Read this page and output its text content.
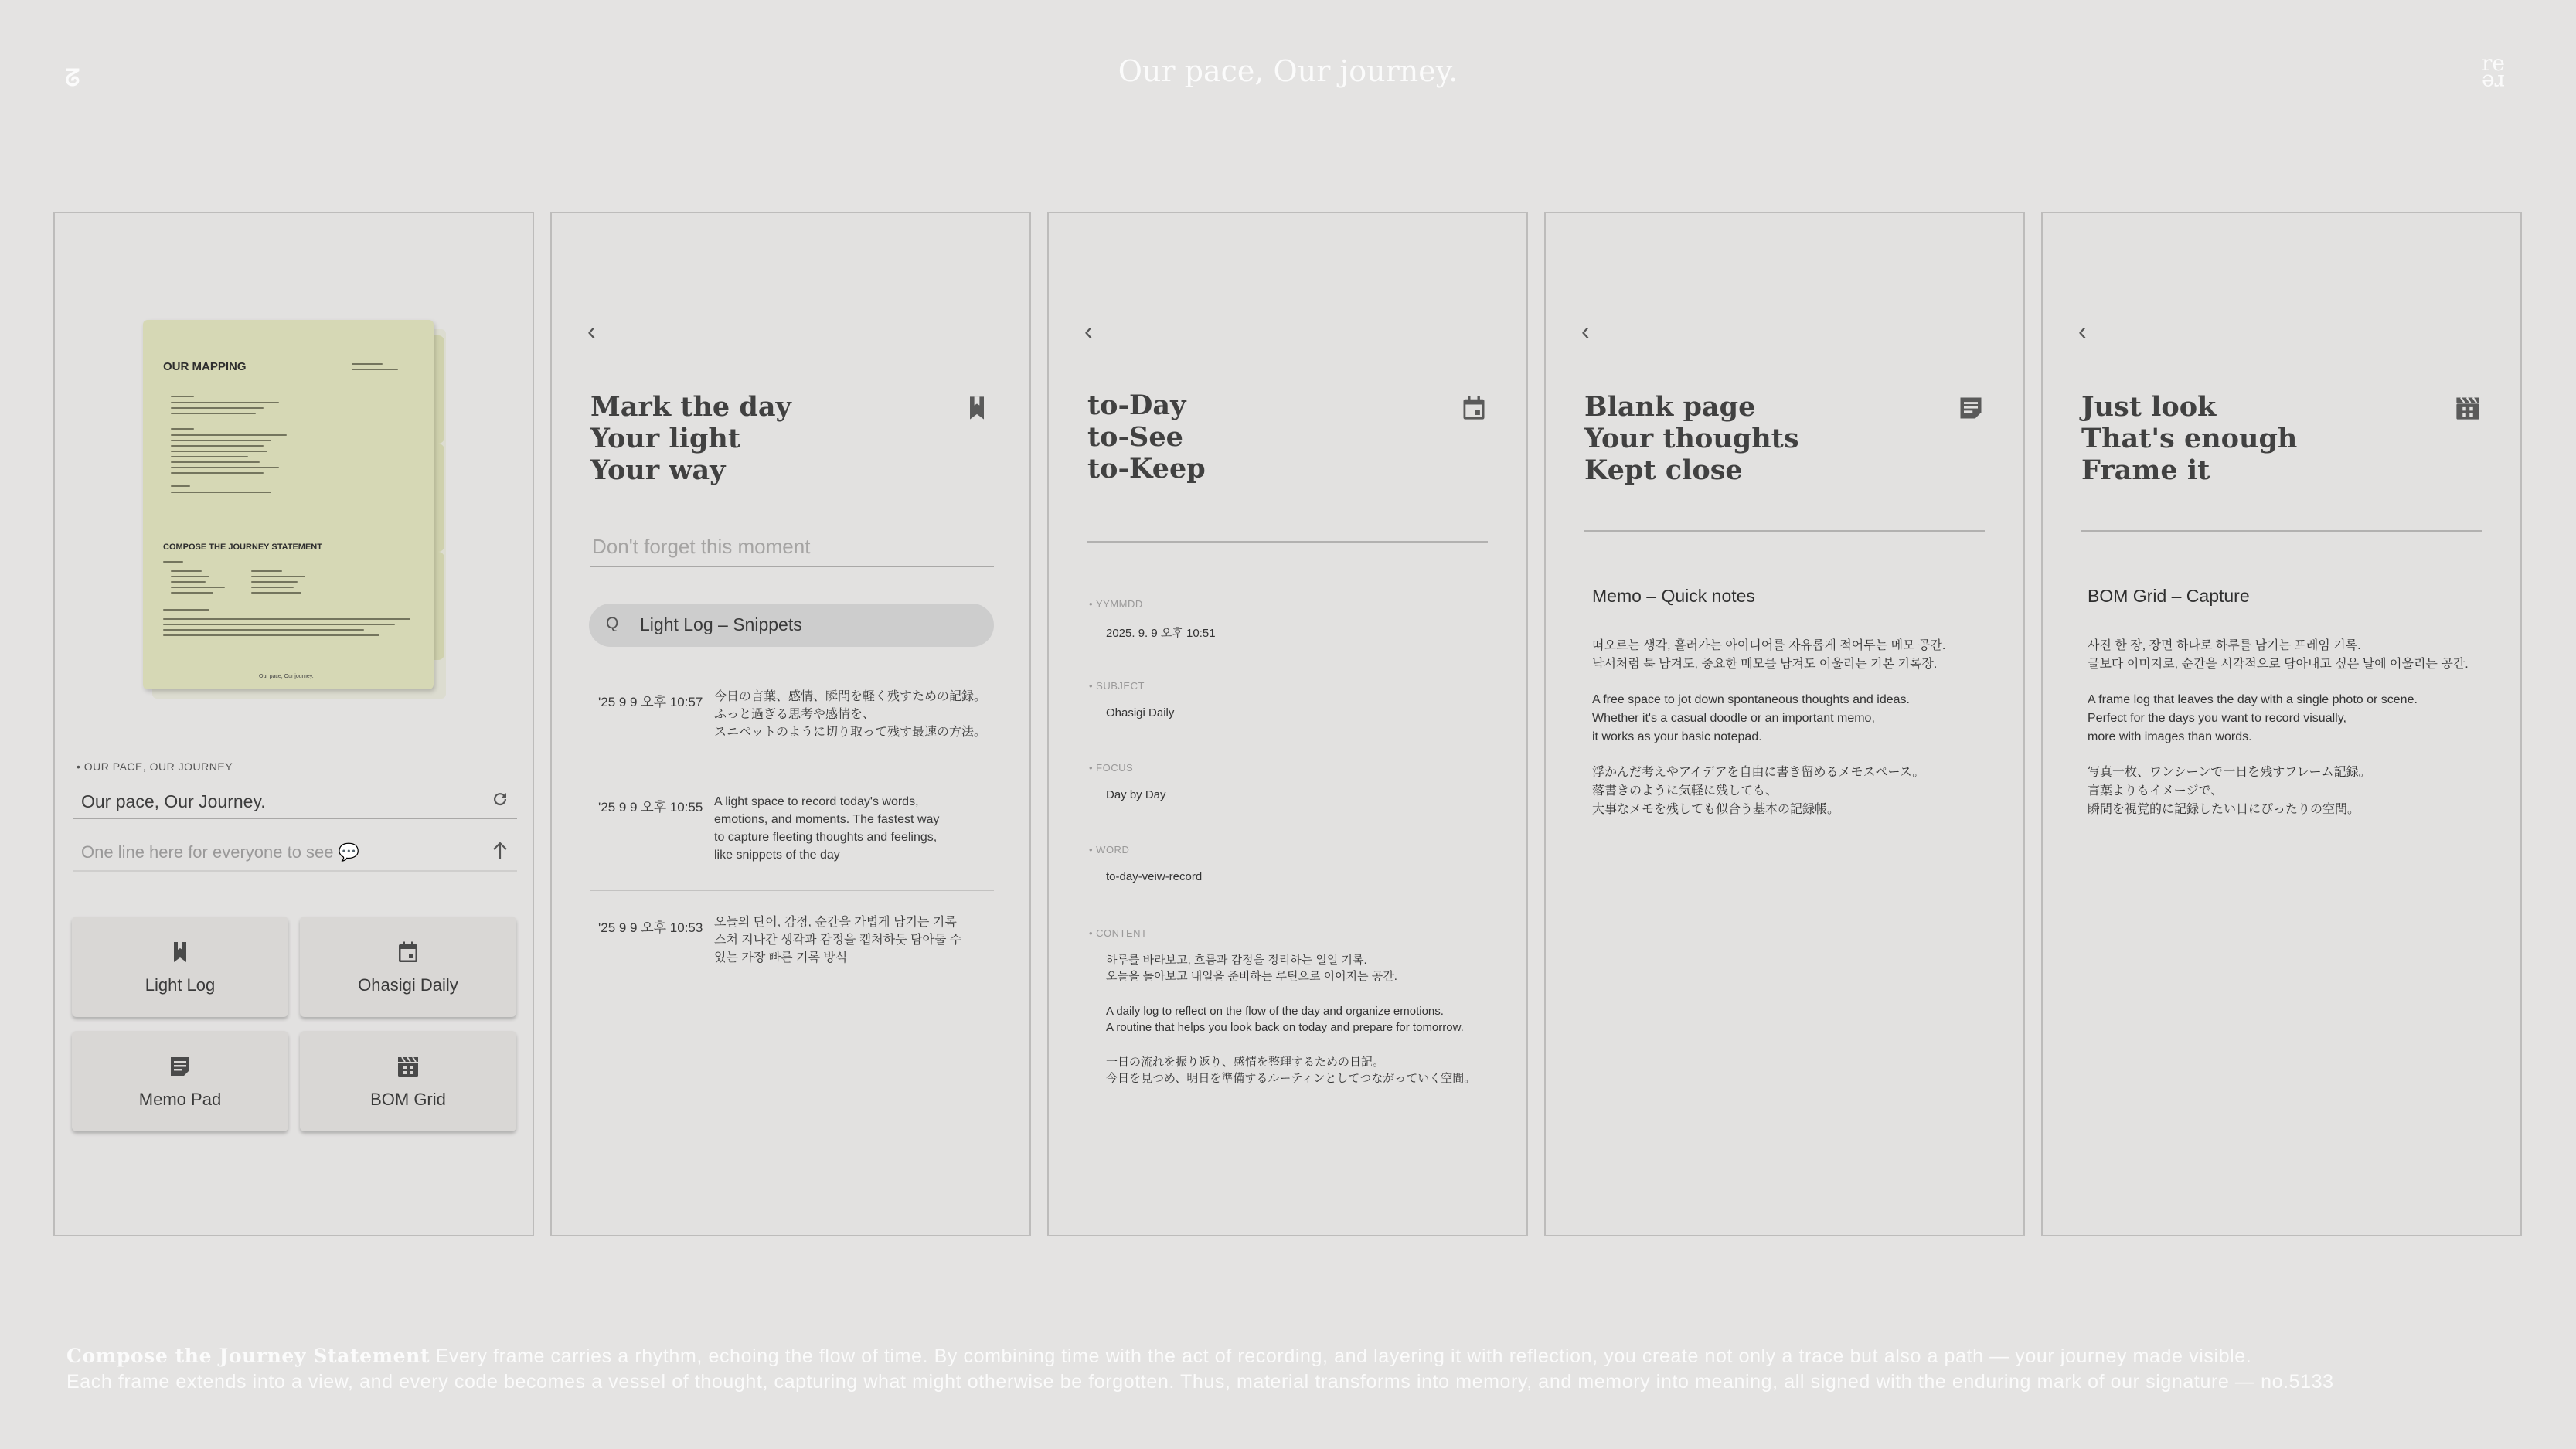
ᘔ	Our pace, Our journey.	re
re
OUR MAPPING
COMPOSE THE JOURNEY STATEMENT
Our pace, Our journey.
• OUR PACE, OUR JOURNEY
Our pace, Our Journey.
One line here for everyone to see 💬
Light Log	Ohasigi Daily
Memo Pad	BOM Grid
‹
Mark the day
Your light
Your way
Don't forget this moment
Q Light Log – Snippets
'25 9 9 오후 10:57 今日の言葉、感情、瞬間を軽く残すための記録。
ふっと過ぎる思考や感情を、
スニペットのように切り取って残す最速の方法。
'25 9 9 오후 10:55 A light space to record today's words,
emotions, and moments. The fastest way
to capture fleeting thoughts and feelings,
like snippets of the day
'25 9 9 오후 10:53 오늘의 단어, 감정, 순간을 가볍게 남기는 기록
스쳐 지나간 생각과 감정을 캡처하듯 담아둘 수
있는 가장 빠른 기록 방식
‹
to-Day
to-See
to-Keep
• YYMMDD
2025. 9. 9 오후 10:51
• SUBJECT
Ohasigi Daily
• FOCUS
Day by Day
• WORD
to-day-veiw-record
• CONTENT
하루를 바라보고, 흐름과 감정을 정리하는 일일 기록.
오늘을 돌아보고 내일을 준비하는 루틴으로 이어지는 공간.
A daily log to reflect on the flow of the day and organize emotions.
A routine that helps you look back on today and prepare for tomorrow.
一日の流れを振り返り、感情を整理するための日記。
今日を見つめ、明日を準備するルーティンとしてつながっていく空間。
‹
Blank page
Your thoughts
Kept close
Memo – Quick notes
떠오르는 생각, 흘러가는 아이디어를 자유롭게 적어두는 메모 공간.
낙서처럼 툭 남겨도, 중요한 메모를 남겨도 어울리는 기본 기록장.
A free space to jot down spontaneous thoughts and ideas.
Whether it's a casual doodle or an important memo,
it works as your basic notepad.
浮かんだ考えやアイデアを自由に書き留めるメモスペース。
落書きのように気軽に残しても、
大事なメモを残しても似合う基本の記録帳。
‹
Just look
That's enough
Frame it
BOM Grid – Capture
사진 한 장, 장면 하나로 하루를 남기는 프레임 기록.
글보다 이미지로, 순간을 시각적으로 담아내고 싶은 날에 어울리는 공간.
A frame log that leaves the day with a single photo or scene.
Perfect for the days you want to record visually,
more with images than words.
写真一枚、ワンシーンで一日を残すフレーム記録。
言葉よりもイメージで、
瞬間を視覚的に記録したい日にぴったりの空間。
Compose the Journey Statement Every frame carries a rhythm, echoing the flow of time. By combining time with the act of recording, and layering it with reflection, you create not only a trace but also a path — your journey made visible.
Each frame extends into a view, and every code becomes a vessel of thought, capturing what might otherwise be forgotten. Thus, material transforms into memory, and memory into meaning, all signed with the enduring mark of our signature — no.5133
